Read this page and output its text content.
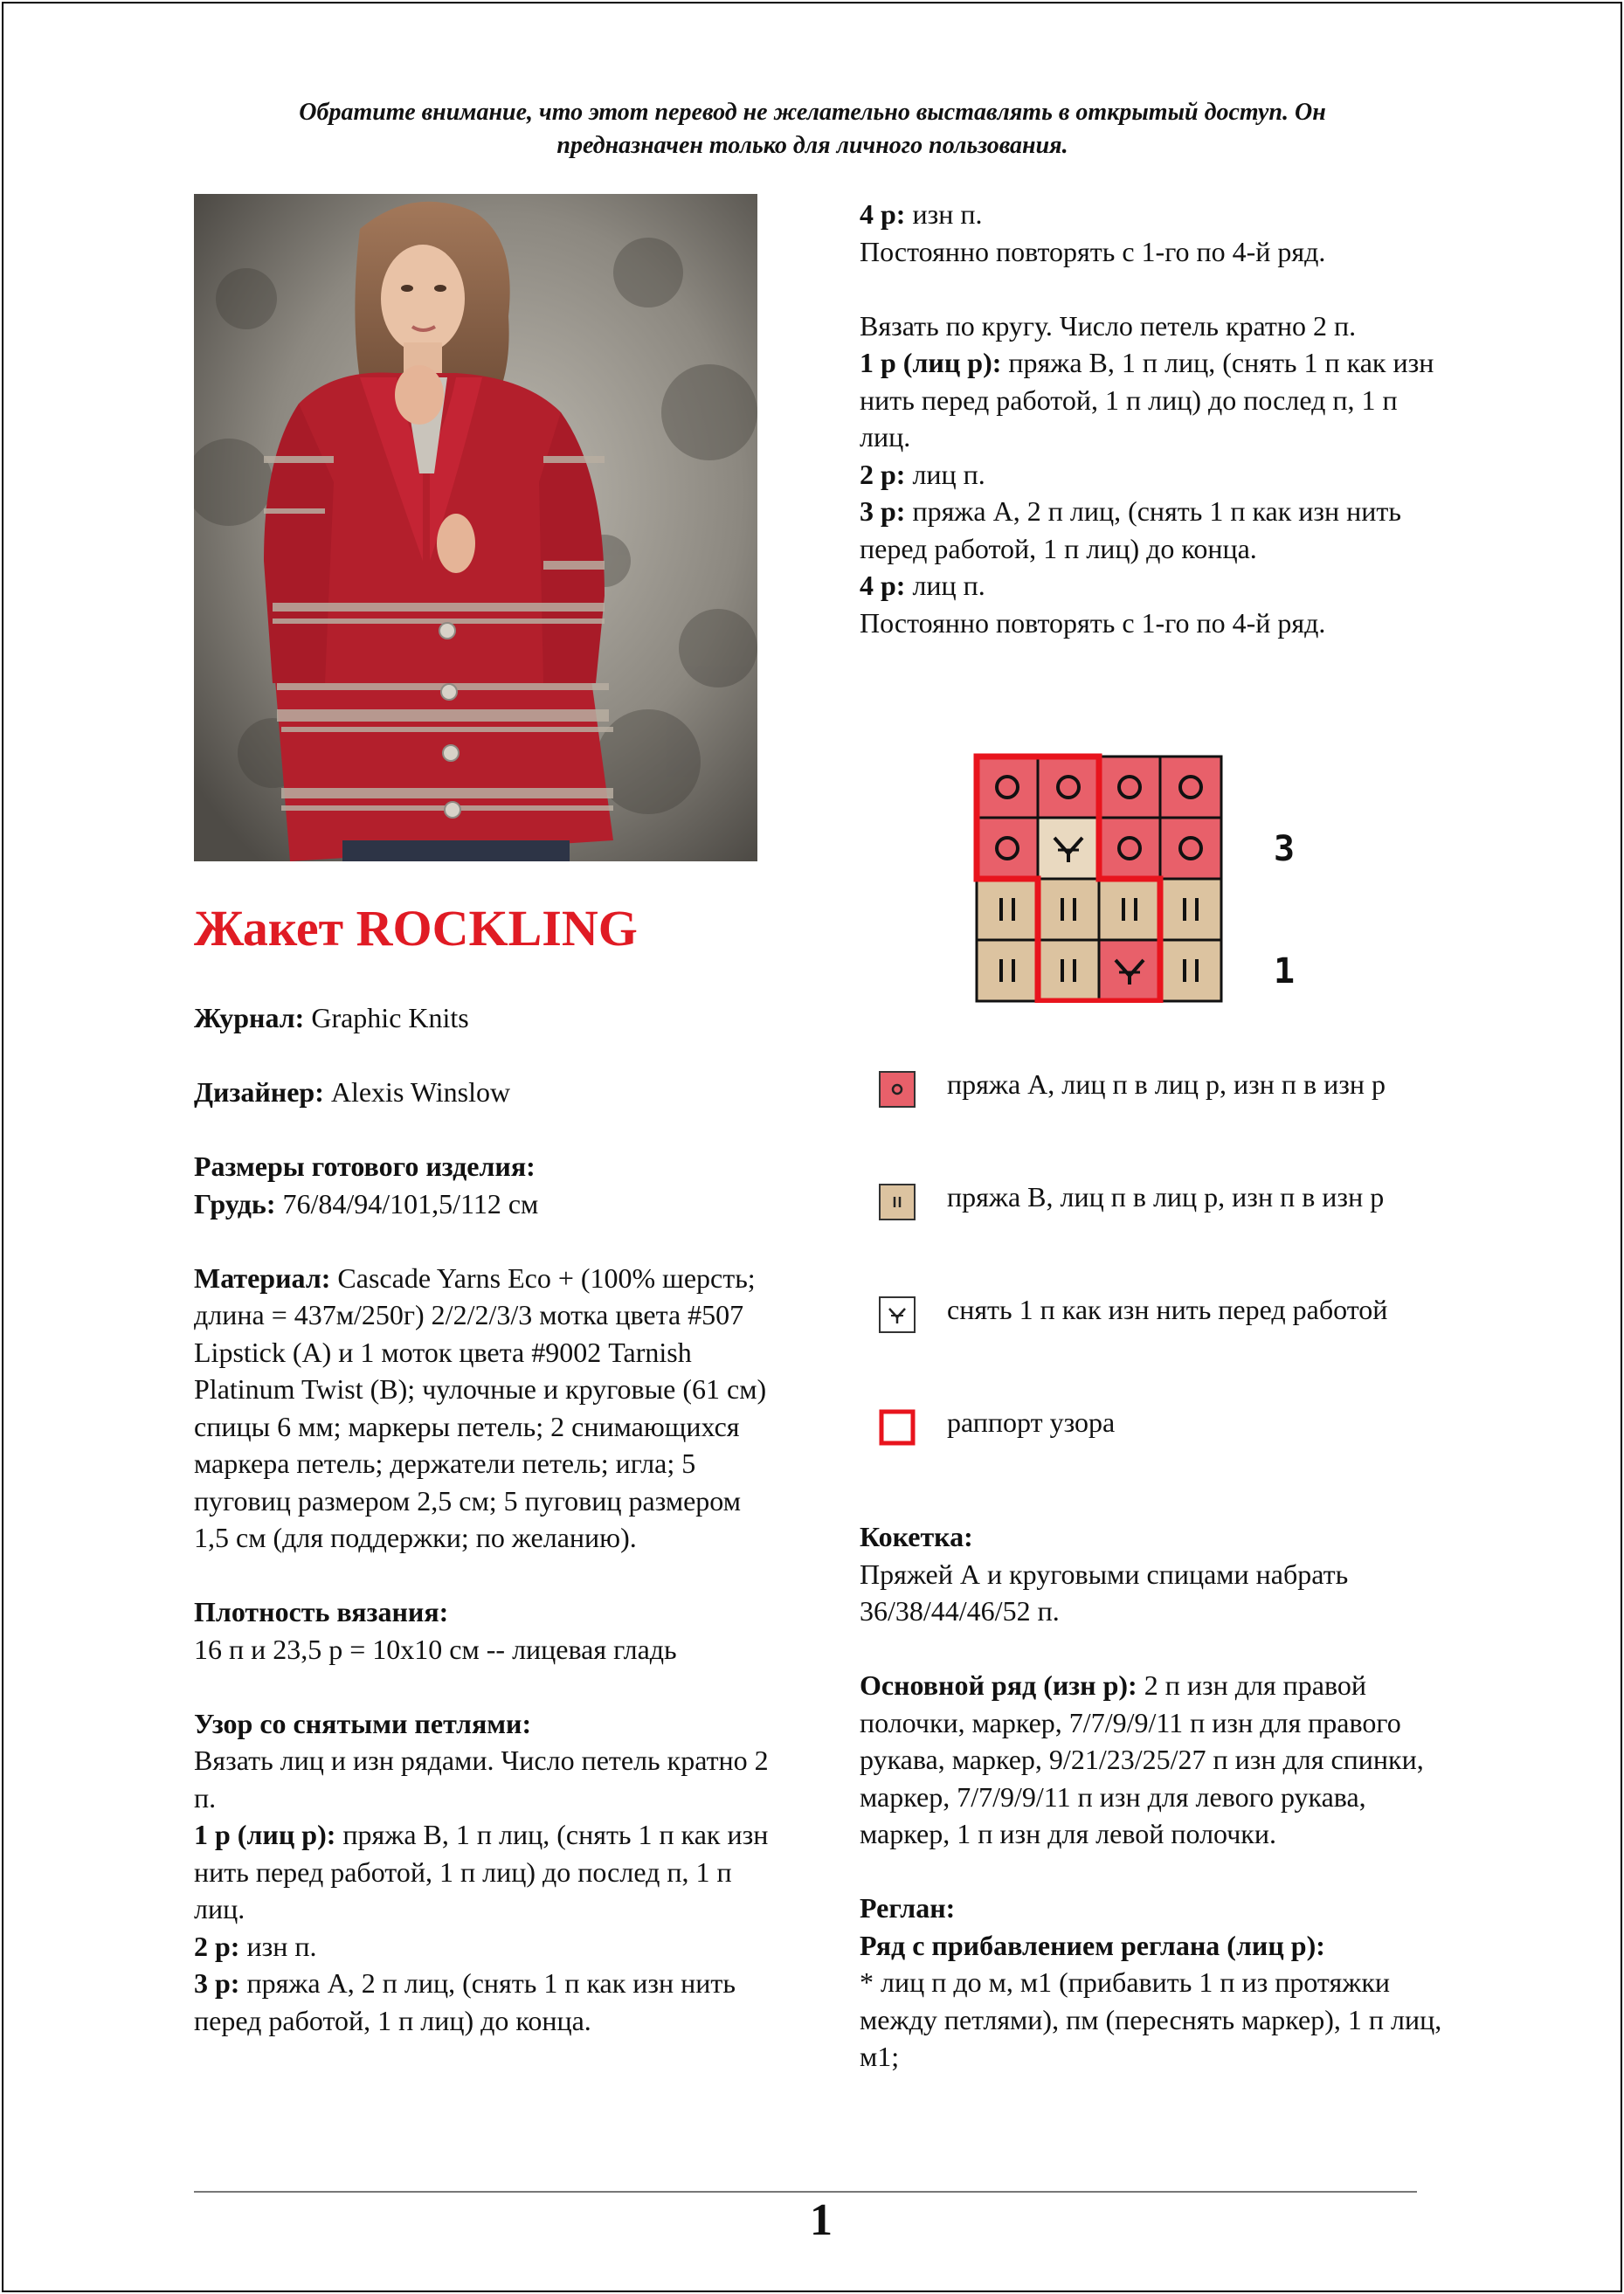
Обратите внимание, что этот перевод не желательно выставлять в открытый доступ. Он
предназначен только для личного пользования.
Жакет ROCKLING

Журнал: Graphic Knits

Дизайнер: Alexis Winslow

Размеры готового изделия:

Грудь: 76/84/94/101,5/112 см

Материал: Cascade Yarns Eco + (100% шерсть; длина = 437м/250г) 2/2/2/3/3 мотка цвета #507 Lipstick (A) и 1 моток цвета #9002 Tarnish Platinum Twist (B); чулочные и круговые (61 см) спицы 6 мм; маркеры петель; 2 снимающихся маркера петель; держатели петель; игла; 5 пуговиц размером 2,5 см; 5 пуговиц размером 1,5 см (для поддержки; по желанию).

Плотность вязания:

16 п и 23,5 р = 10x10 см -- лицевая гладь

Узор со снятыми петлями:

Вязать лиц и изн рядами. Число петель кратно 2 п.

1 р (лиц р): пряжа В, 1 п лиц, (снять 1 п как изн нить перед работой, 1 п лиц) до послед п, 1 п лиц.

2 р: изн п.

3 р: пряжа А, 2 п лиц, (снять 1 п как изн нить перед работой, 1 п лиц) до конца.

4 р: изн п.

Постоянно повторять с 1-го по 4-й ряд.

Вязать по кругу. Число петель кратно 2 п.

1 р (лиц р): пряжа В, 1 п лиц, (снять 1 п как изн нить перед работой, 1 п лиц) до послед п, 1 п лиц.

2 р: лиц п.

3 р: пряжа А, 2 п лиц, (снять 1 п как изн нить перед работой, 1 п лиц) до конца.

4 р: лиц п.

Постоянно повторять с 1-го по 4-й ряд.

3
1
пряжа А, лиц п в лиц р, изн п в изн р
пряжа В, лиц п в лиц р, изн п в изн р
снять 1 п как изн нить перед работой
раппорт узора

Кокетка:

Пряжей А и круговыми спицами набрать 36/38/44/46/52 п.

Основной ряд (изн р): 2 п изн для правой полочки, маркер, 7/7/9/9/11 п изн для правого рукава, маркер, 9/21/23/25/27 п изн для спинки, маркер, 7/7/9/9/11 п изн для левого рукава, маркер, 1 п изн для левой полочки.

Реглан:

Ряд с прибавлением реглана (лиц р):

* лиц п до м, м1 (прибавить 1 п из протяжки между петлями), пм (переснять маркер), 1 п лиц, м1;

1
